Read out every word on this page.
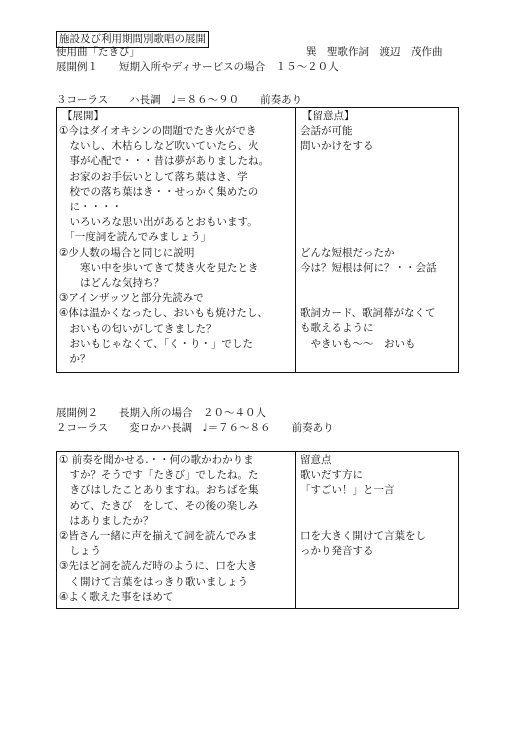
施設及び利用期間別歌唱の展開
使用曲「たきび」	巽　聖歌作詞　渡辺　茂作曲
展開例１　　短期入所やディサービスの場合　１５〜２０人
３コーラス　　ハ長調　♩＝８６〜９０　　前奏あり
【展開】	【留意点】
①今はダイオキシンの問題でたき火ができ
　ないし、木枯らしなど吹いていたら、火
　事が心配で・・・昔は夢がありましたね。
　お家のお手伝いとして落ち葉はき、学
　校での落ち葉はき・・せっかく集めたの
　に・・・・
　いろいろな思い出があるとおもいます。
　「一度詞を読んでみましょう」
②少人数の場合と同じに説明
　　寒い中を歩いてきて焚き火を見たとき
　　はどんな気持ち？
③アインザッツと部分先読みで
④体は温かくなったし、おいもも焼けたし、
　おいもの匂いがしてきました？
　おいもじゃなくて、「く・り・」でした
　か？
会話が可能
問いかけをする
どんな短根だったか
今は？短根は何に？・・会話
歌詞カード、歌詞幕がなくて
も歌えるように
　やきいも〜〜　おいも
展開例２　　長期入所の場合　２０〜４０人
２コーラス　　変ロかハ長調　♩＝７６〜８６　　前奏あり
① 前奏を聞かせる.・・何の歌かわかりま
　すか？そうです「たきび」でしたね。た
　きびはしたことありますね。おちばを集
　めて、たきび　をして、その後の楽しみ
　はありましたか？
②皆さん一緒に声を揃えて詞を読んでみま
　しょう
③先ほど詞を読んだ時のように、口を大き
　く開けて言葉をはっきり歌いましょう
④よく歌えた事をほめて
留意点
歌いだす方に
「すごい！」と一言
口を大きく開けて言葉をし
っかり発音する
